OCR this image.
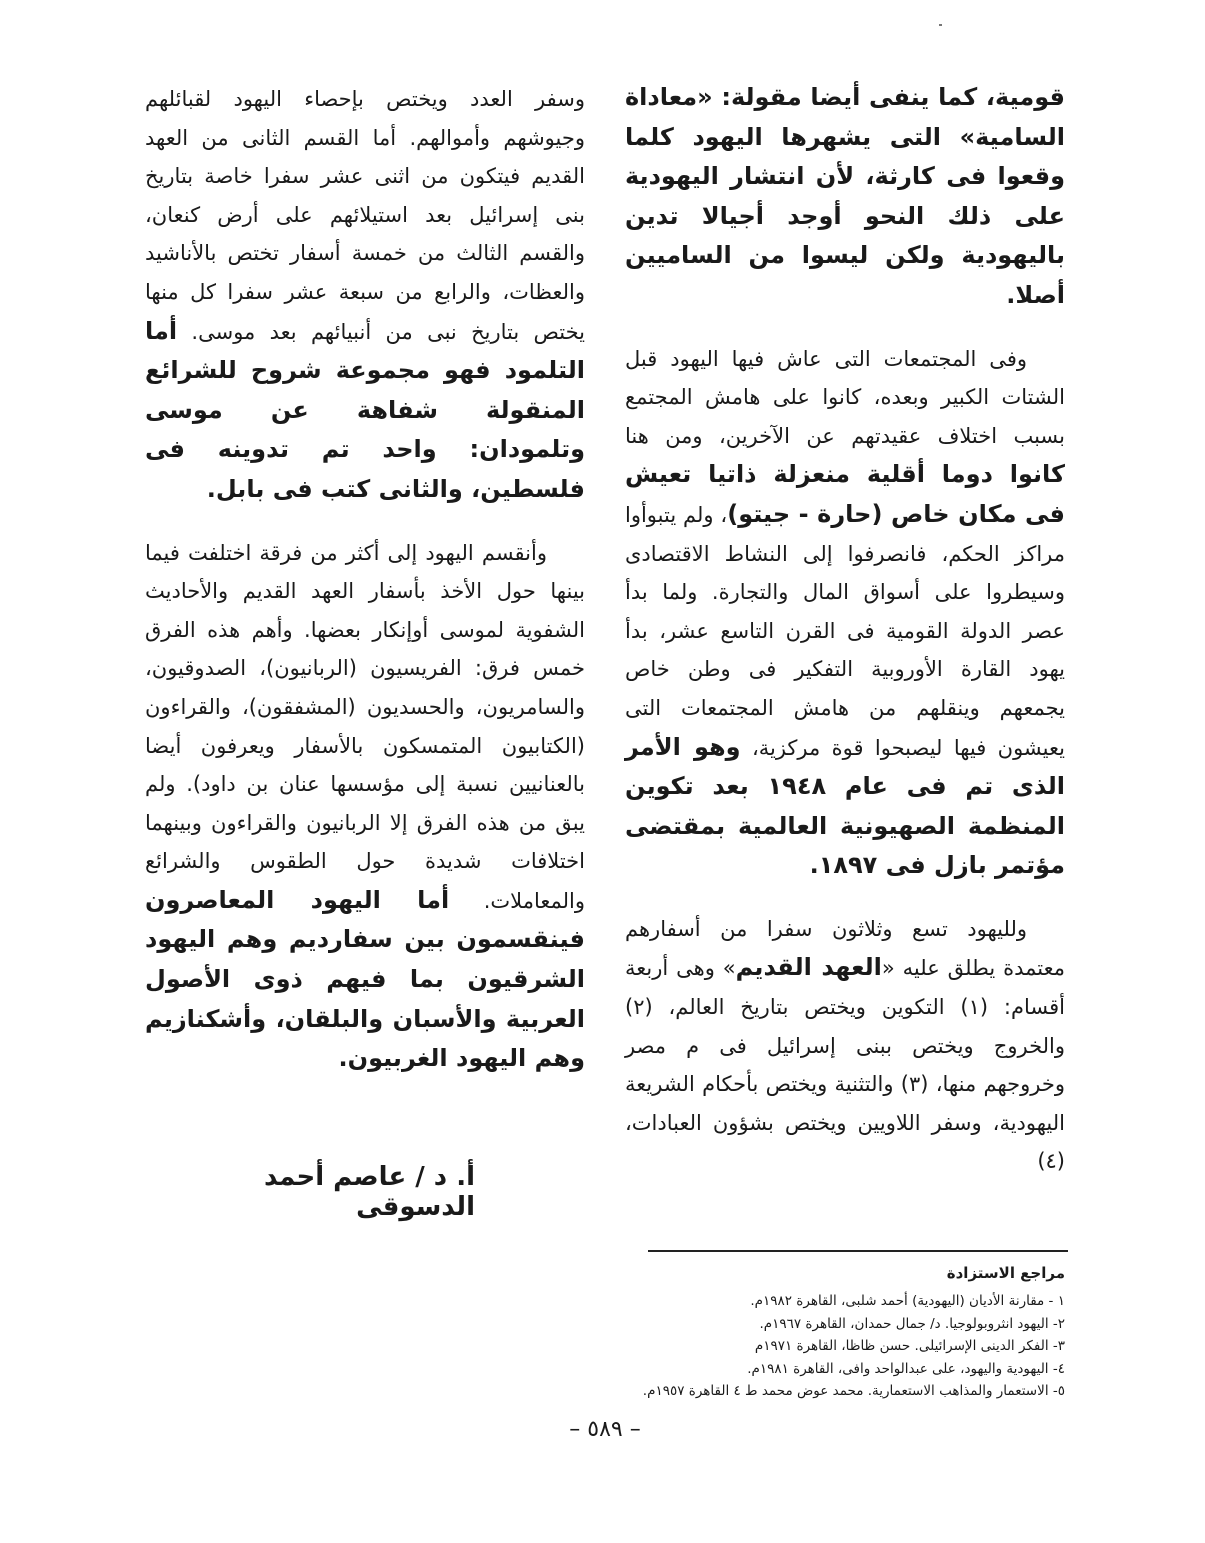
قومية، كما ينفى أيضا مقولة: «معاداة السامية» التى يشهرها اليهود كلما وقعوا فى كارثة، لأن انتشار اليهودية على ذلك النحو أوجد أجيالا تدين باليهودية ولكن ليسوا من الساميين أصلا.

وفى المجتمعات التى عاش فيها اليهود قبل الشتات الكبير وبعده، كانوا على هامش المجتمع بسبب اختلاف عقيدتهم عن الآخرين، ومن هنا كانوا دوما أقلية منعزلة ذاتيا تعيش فى مكان خاص (حارة - جيتو)، ولم يتبوأوا مراكز الحكم، فانصرفوا إلى النشاط الاقتصادى وسيطروا على أسواق المال والتجارة. ولما بدأ عصر الدولة القومية فى القرن التاسع عشر، بدأ يهود القارة الأوروبية التفكير فى وطن خاص يجمعهم وينقلهم من هامش المجتمعات التى يعيشون فيها ليصبحوا قوة مركزية، وهو الأمر الذى تم فى عام ١٩٤٨ بعد تكوين المنظمة الصهيونية العالمية بمقتضى مؤتمر بازل فى ١٨٩٧.

ولليهود تسع وثلاثون سفرا من أسفارهم معتمدة يطلق عليه «العهد القديم» وهى أربعة أقسام: (١) التكوين ويختص بتاريخ العالم، (٢) والخروج ويختص ببنى إسرائيل فى م مصر وخروجهم منها، (٣) والتثنية ويختص بأحكام الشريعة اليهودية، وسفر اللاويين ويختص بشؤون العبادات، (٤)

وسفر العدد ويختص بإحصاء اليهود لقبائلهم وجيوشهم وأموالهم. أما القسم الثانى من العهد القديم فيتكون من اثنى عشر سفرا خاصة بتاريخ بنى إسرائيل بعد استيلائهم على أرض كنعان، والقسم الثالث من خمسة أسفار تختص بالأناشيد والعظات، والرابع من سبعة عشر سفرا كل منها يختص بتاريخ نبى من أنبيائهم بعد موسى. أما التلمود فهو مجموعة شروح للشرائع المنقولة شفاهة عن موسى وتلمودان: واحد تم تدوينه فى فلسطين، والثانى كتب فى بابل.

وأنقسم اليهود إلى أكثر من فرقة اختلفت فيما بينها حول الأخذ بأسفار العهد القديم والأحاديث الشفوية لموسى أوإنكار بعضها. وأهم هذه الفرق خمس فرق: الفريسيون (الربانيون)، الصدوقيون، والسامريون، والحسديون (المشفقون)، والقراءون (الكتابيون المتمسكون بالأسفار ويعرفون أيضا بالعنانيين نسبة إلى مؤسسها عنان بن داود). ولم يبق من هذه الفرق إلا الربانيون والقراءون وبينهما اختلافات شديدة حول الطقوس والشرائع والمعاملات. أما اليهود المعاصرون فينقسمون بين سفارديم وهم اليهود الشرقيون بما فيهم ذوى الأصول العربية والأسبان والبلقان، وأشكنازيم وهم اليهود الغربيون.

أ. د / عاصم أحمد الدسوقى

مراجع الاستزادة

١ - مقارنة الأديان (اليهودية) أحمد شلبى، القاهرة ١٩٨٢م.

٢- اليهود انثروبولوجيا. د/ جمال حمدان، القاهرة ١٩٦٧م.

٣- الفكر الدينى الإسرائيلى. حسن ظاظا، القاهرة ١٩٧١م

٤- اليهودية واليهود، على عبدالواحد وافى، القاهرة ١٩٨١م.

٥- الاستعمار والمذاهب الاستعمارية. محمد عوض محمد ط ٤ القاهرة ١٩٥٧م.

– ٥٨٩ –
